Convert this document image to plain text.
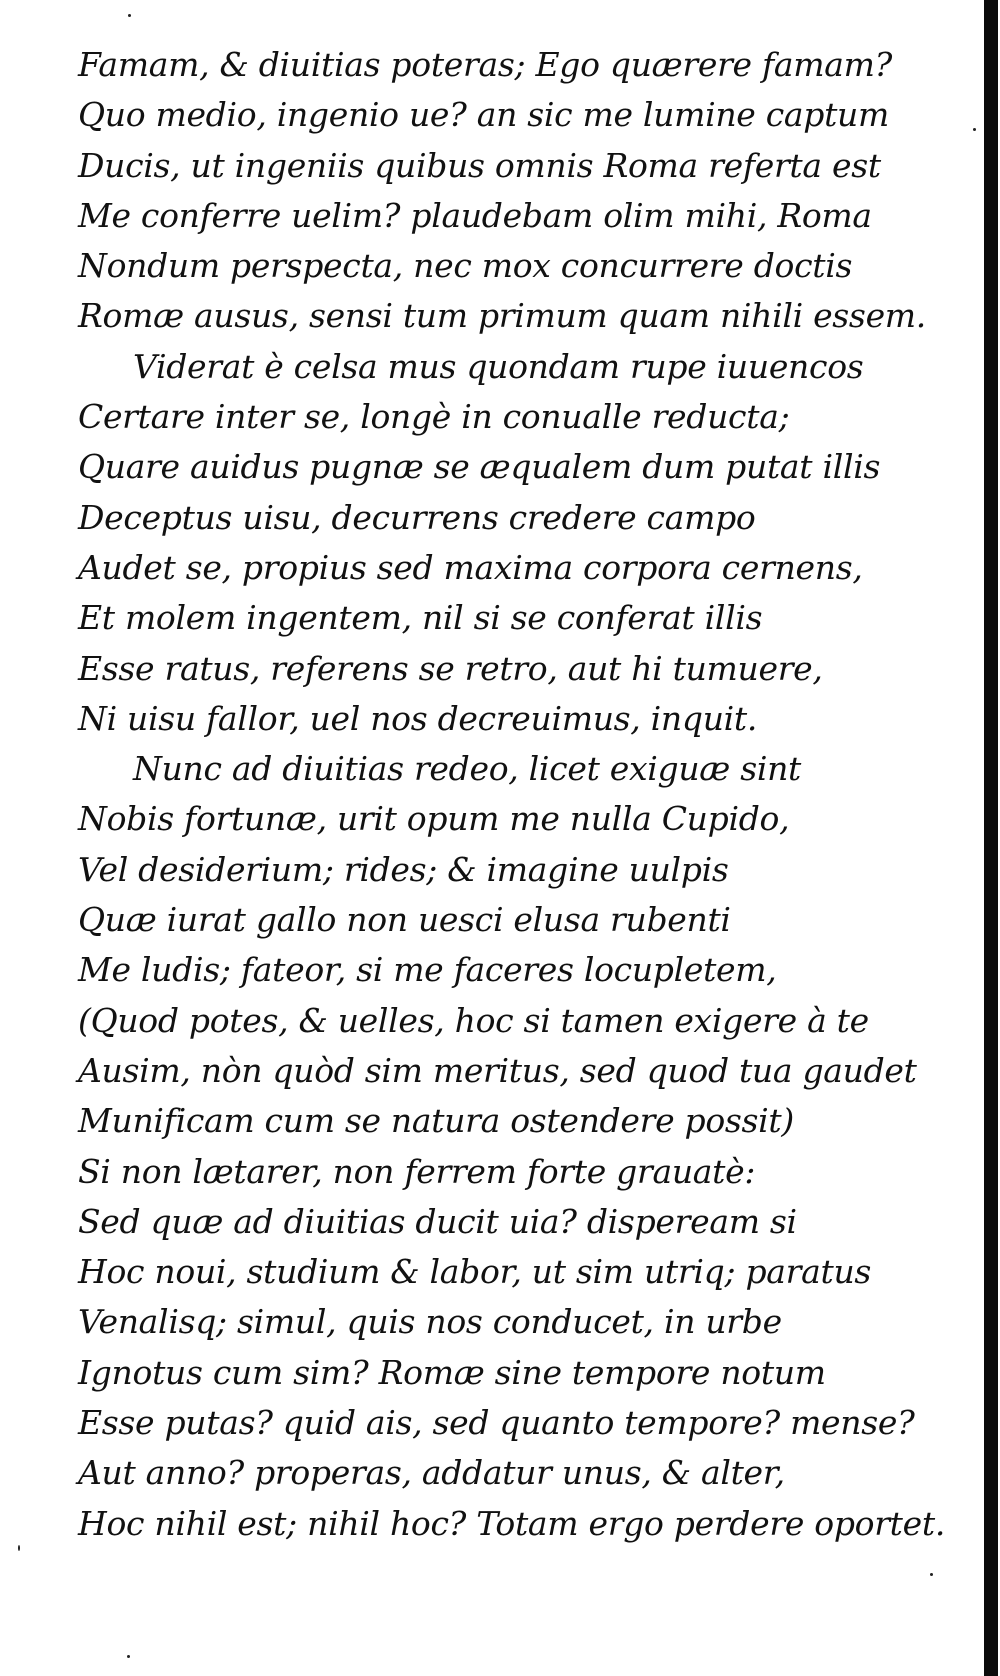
Famam, & diuitias poteras; Ego quærere famam?
Quo medio, ingenio ue? an sic me lumine captum
Ducis, ut ingeniis quibus omnis Roma referta est
Me conferre uelim? plaudebam olim mihi, Roma
Nondum perspecta, nec mox concurrere doctis
Romæ ausus, sensi tum primum quam nihili essem.
Viderat è celsa mus quondam rupe iuuencos
Certare inter se, longè in conualle reducta;
Quare auidus pugnæ se æqualem dum putat illis
Deceptus uisu, decurrens credere campo
Audet se, propius sed maxima corpora cernens,
Et molem ingentem, nil si se conferat illis
Esse ratus, referens se retro, aut hi tumuere,
Ni uisu fallor, uel nos decreuimus, inquit.
Nunc ad diuitias redeo, licet exiguæ sint
Nobis fortunæ, urit opum me nulla Cupido,
Vel desiderium; rides; & imagine uulpis
Quæ iurat gallo non uesci elusa rubenti
Me ludis; fateor, si me faceres locupletem,
(Quod potes, & uelles, hoc si tamen exigere à te
Ausim, nòn quòd sim meritus, sed quod tua gaudet
Munificam cum se natura ostendere possit)
Si non lætarer, non ferrem forte grauatè:
Sed quæ ad diuitias ducit uia? dispeream si
Hoc noui, studium & labor, ut sim utriq; paratus
Venalisq; simul, quis nos conducet, in urbe
Ignotus cum sim? Romæ sine tempore notum
Esse putas? quid ais, sed quanto tempore? mense?
Aut anno? properas, addatur unus, & alter,
Hoc nihil est; nihil hoc? Totam ergo perdere oportet.
